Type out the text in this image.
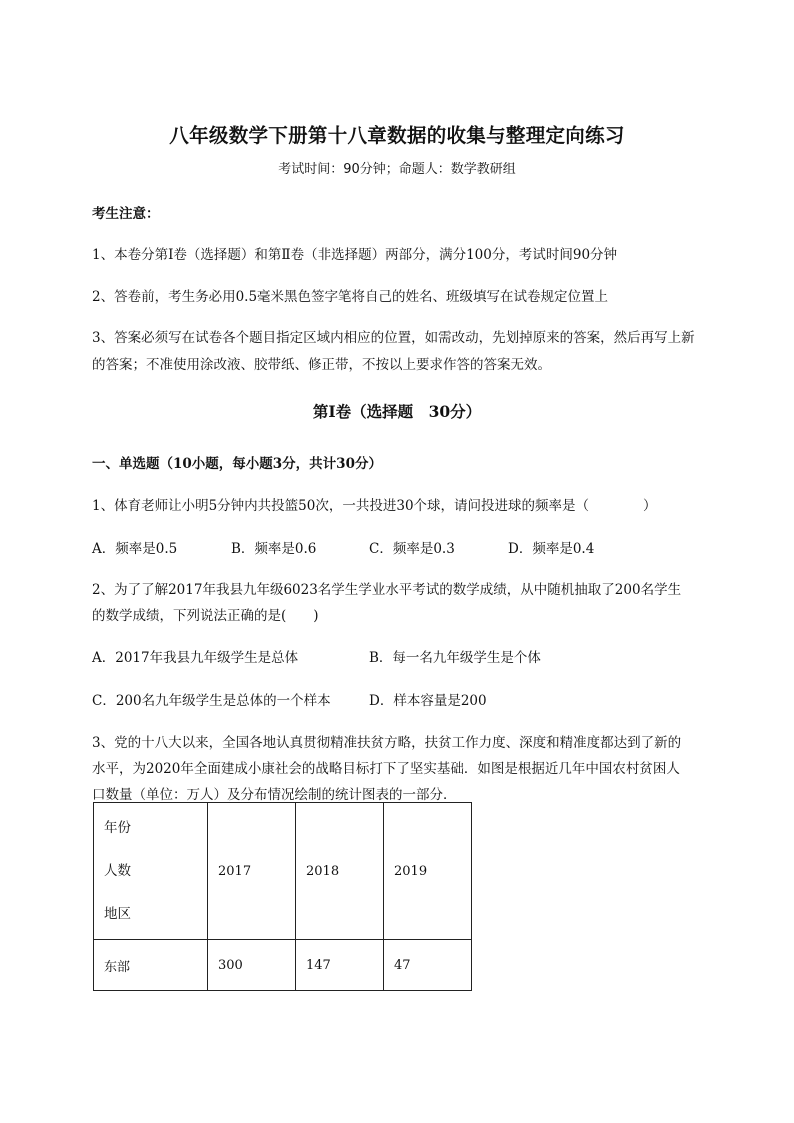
八年级数学下册第十八章数据的收集与整理定向练习
考试时间：90分钟；命题人：数学教研组
考生注意：
1、本卷分第I卷（选择题）和第Ⅱ卷（非选择题）两部分，满分100分，考试时间90分钟
2、答卷前，考生务必用0.5毫米黑色签字笔将自己的姓名、班级填写在试卷规定位置上
3、答案必须写在试卷各个题目指定区域内相应的位置，如需改动，先划掉原来的答案，然后再写上新
的答案；不准使用涂改液、胶带纸、修正带，不按以上要求作答的答案无效。
第I卷（选择题　30分）
一、单选题（10小题，每小题3分，共计30分）
1、体育老师让小明5分钟内共投篮50次，一共投进30个球，请问投进球的频率是（　　　　）
A．频率是0.5	B．频率是0.6	C．频率是0.3	D．频率是0.4
2、为了了解2017年我县九年级6023名学生学业水平考试的数学成绩，从中随机抽取了200名学生
的数学成绩，下列说法正确的是(　　)
A．2017年我县九年级学生是总体	B．每一名九年级学生是个体
C．200名九年级学生是总体的一个样本	D．样本容量是200
3、党的十八大以来，全国各地认真贯彻精准扶贫方略，扶贫工作力度、深度和精准度都达到了新的
水平，为2020年全面建成小康社会的战略目标打下了坚实基础．如图是根据近几年中国农村贫困人
口数量（单位：万人）及分布情况绘制的统计图表的一部分．
年份
人数
地区	2017	2018	2019
东部	300	147	47
